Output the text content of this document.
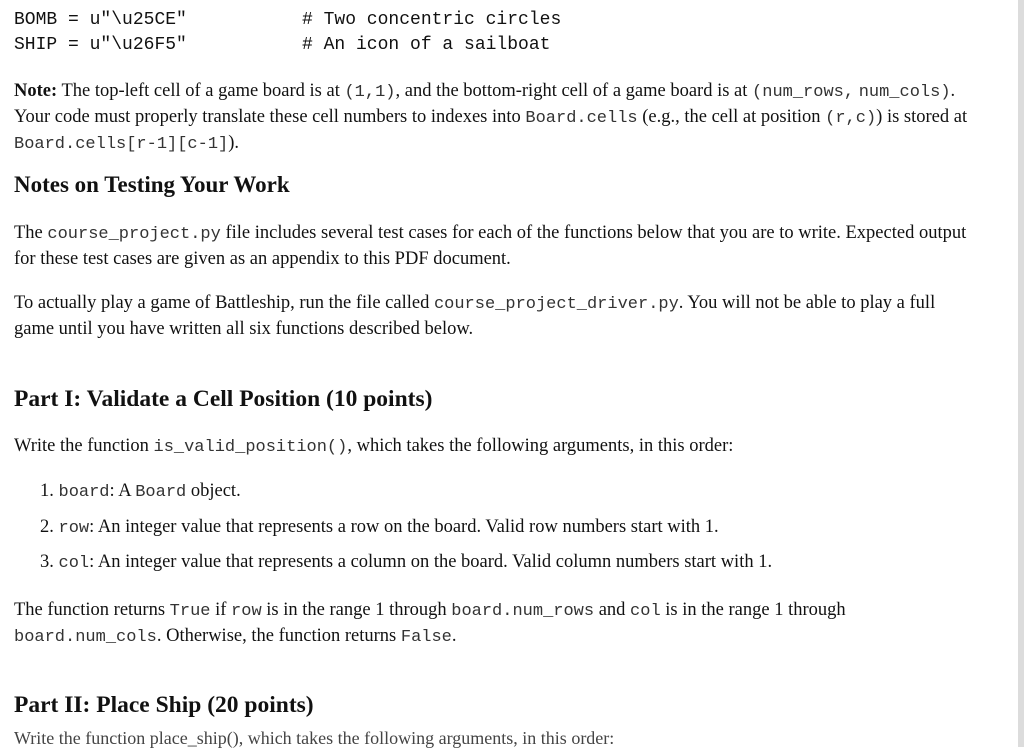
BOMB = u"\u25CE"	# Two concentric circles
SHIP = u"\u26F5"	# An icon of a sailboat
Note: The top-left cell of a game board is at (1,1), and the bottom-right cell of a game board is at (num_rows, num_cols). Your code must properly translate these cell numbers to indexes into Board.cells (e.g., the cell at position (r,c)) is stored at Board.cells[r-1][c-1]).
Notes on Testing Your Work
The course_project.py file includes several test cases for each of the functions below that you are to write. Expected output for these test cases are given as an appendix to this PDF document.
To actually play a game of Battleship, run the file called course_project_driver.py. You will not be able to play a full game until you have written all six functions described below.
Part I: Validate a Cell Position (10 points)
Write the function is_valid_position(), which takes the following arguments, in this order:
1. board: A Board object.
2. row: An integer value that represents a row on the board. Valid row numbers start with 1.
3. col: An integer value that represents a column on the board. Valid column numbers start with 1.
The function returns True if row is in the range 1 through board.num_rows and col is in the range 1 through board.num_cols. Otherwise, the function returns False.
Part II: Place Ship (20 points)
Write the function place_ship(), which takes the following arguments, in this order:
